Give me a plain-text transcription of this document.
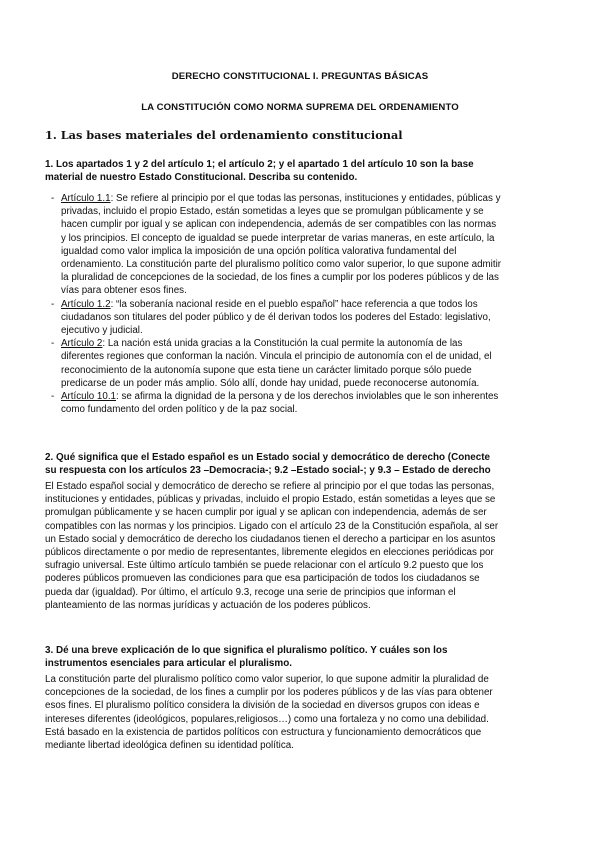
DERECHO CONSTITUCIONAL I. PREGUNTAS BÁSICAS
LA CONSTITUCIÓN COMO NORMA SUPREMA DEL ORDENAMIENTO
1. Las bases materiales del ordenamiento constitucional
1. Los apartados 1 y 2 del artículo 1; el artículo 2; y el apartado 1 del artículo 10 son la base
material de nuestro Estado Constitucional. Describa su contenido.
- Artículo 1.1: Se refiere al principio por el que todas las personas, instituciones y entidades, públicas y
privadas, incluido el propio Estado, están sometidas a leyes que se promulgan públicamente y se
hacen cumplir por igual y se aplican con independencia, además de ser compatibles con las normas
y los principios. El concepto de igualdad se puede interpretar de varias maneras, en este artículo, la
igualdad como valor implica la imposición de una opción política valorativa fundamental del
ordenamiento. La constitución parte del pluralismo político como valor superior, lo que supone admitir
la pluralidad de concepciones de la sociedad, de los fines a cumplir por los poderes públicos y de las
vías para obtener esos fines.
- Artículo 1.2: “la soberanía nacional reside en el pueblo español” hace referencia a que todos los
ciudadanos son titulares del poder público y de él derivan todos los poderes del Estado: legislativo,
ejecutivo y judicial.
- Artículo 2: La nación está unida gracias a la Constitución la cual permite la autonomía de las
diferentes regiones que conforman la nación. Vincula el principio de autonomía con el de unidad, el
reconocimiento de la autonomía supone que esta tiene un carácter limitado porque sólo puede
predicarse de un poder más amplio. Sólo allí, donde hay unidad, puede reconocerse autonomía.
- Artículo 10.1: se afirma la dignidad de la persona y de los derechos inviolables que le son inherentes
como fundamento del orden político y de la paz social.
2. Qué significa que el Estado español es un Estado social y democrático de derecho (Conecte
su respuesta con los artículos 23 –Democracia-; 9.2 –Estado social-; y 9.3 – Estado de derecho
El Estado español social y democrático de derecho se refiere al principio por el que todas las personas,
instituciones y entidades, públicas y privadas, incluido el propio Estado, están sometidas a leyes que se
promulgan públicamente y se hacen cumplir por igual y se aplican con independencia, además de ser
compatibles con las normas y los principios. Ligado con el artículo 23 de la Constitución española, al ser
un Estado social y democrático de derecho los ciudadanos tienen el derecho a participar en los asuntos
públicos directamente o por medio de representantes, libremente elegidos en elecciones periódicas por
sufragio universal. Este último artículo también se puede relacionar con el artículo 9.2 puesto que los
poderes públicos promueven las condiciones para que esa participación de todos los ciudadanos se
pueda dar (igualdad). Por último, el artículo 9.3, recoge una serie de principios que informan el
planteamiento de las normas jurídicas y actuación de los poderes públicos.
3. Dé una breve explicación de lo que significa el pluralismo político. Y cuáles son los
instrumentos esenciales para articular el pluralismo.
La constitución parte del pluralismo político como valor superior, lo que supone admitir la pluralidad de
concepciones de la sociedad, de los fines a cumplir por los poderes públicos y de las vías para obtener
esos fines. El pluralismo político considera la división de la sociedad en diversos grupos con ideas e
intereses diferentes (ideológicos, populares,religiosos…) como una fortaleza y no como una debilidad.
Está basado en la existencia de partidos políticos con estructura y funcionamiento democráticos que
mediante libertad ideológica definen su identidad política.
